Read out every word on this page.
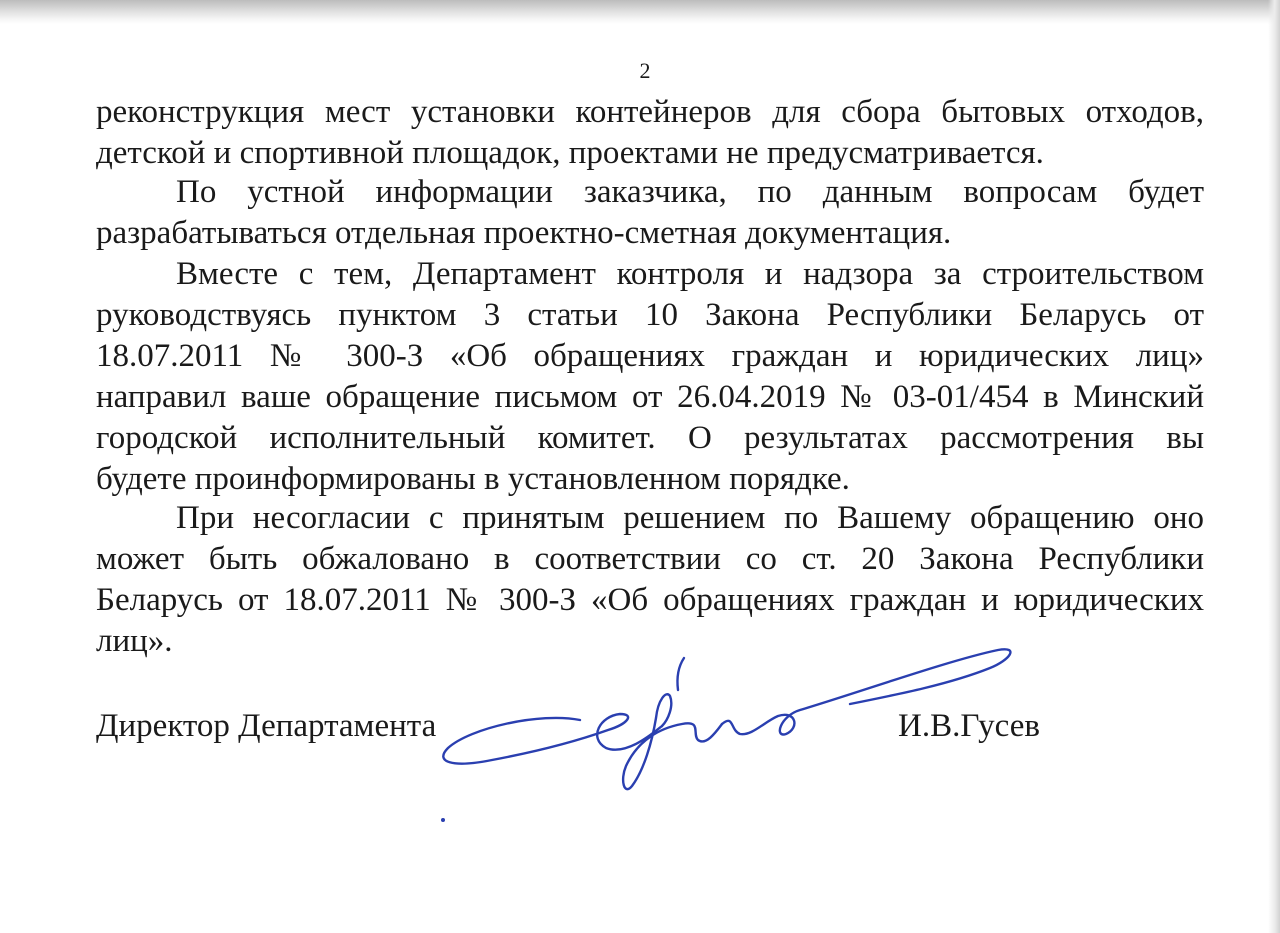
2

реконструкция мест установки контейнеров для сбора бытовых отходов,
детской и спортивной площадок, проектами не предусматривается.

По устной информации заказчика, по данным вопросам будет
разрабатываться отдельная проектно-сметная документация.

Вместе с тем, Департамент контроля и надзора за строительством
руководствуясь пунктом 3 статьи 10 Закона Республики Беларусь от
18.07.2011 № 300-З «Об обращениях граждан и юридических лиц»
направил ваше обращение письмом от 26.04.2019 № 03-01/454 в Минский
городской исполнительный комитет. О результатах рассмотрения вы
будете проинформированы в установленном порядке.

При несогласии с принятым решением по Вашему обращению оно
может быть обжаловано в соответствии со ст. 20 Закона Республики
Беларусь от 18.07.2011 № 300-З «Об обращениях граждан и юридических
лиц».

Директор Департамента	И.В.Гусев
